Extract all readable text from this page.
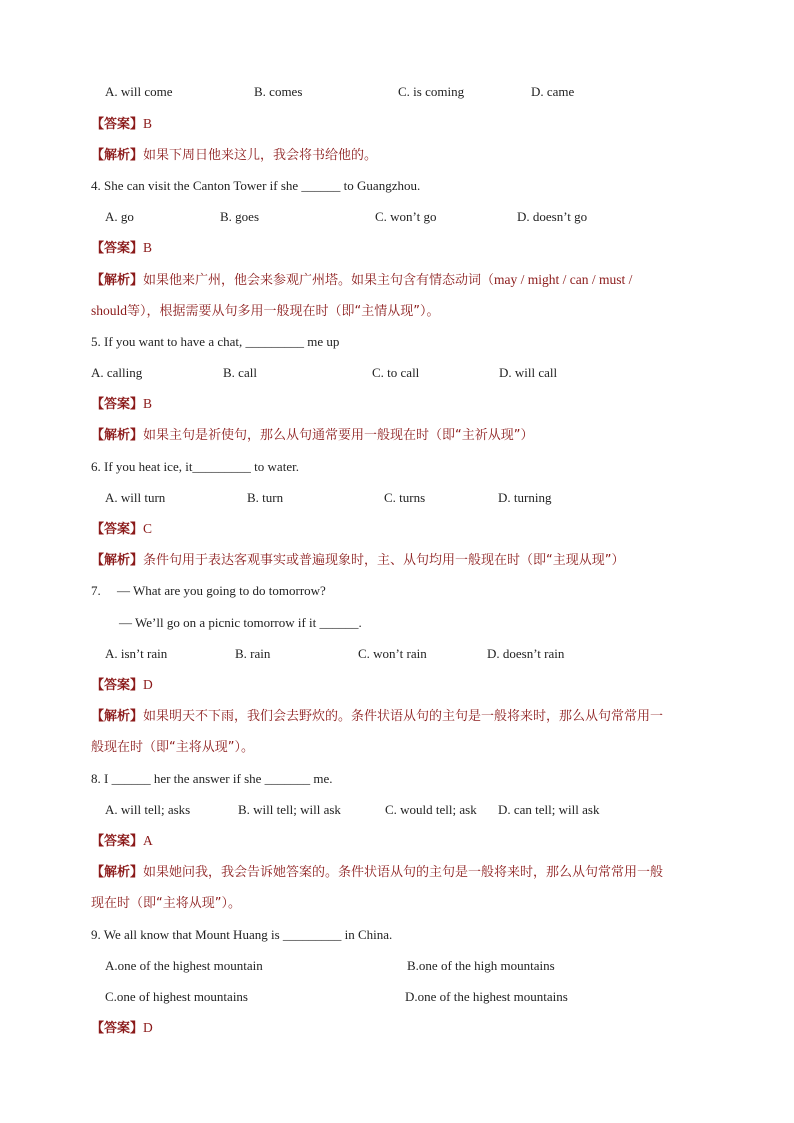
A. will come	B. comes	C. is coming	D. came
【答案】B
【解析】如果下周日他来这儿，我会将书给他的。
4. She can visit the Canton Tower if she ______ to Guangzhou.
A. go	B. goes	C. won’t go	D. doesn’t go
【答案】B
【解析】如果他来广州，他会来参观广州塔。如果主句含有情态动词（may / might / can / must /
should等），根据需要从句多用一般现在时（即“主情从现”）。
5. If you want to have a chat, _________ me up
A. calling	B. call	C. to call	D. will call
【答案】B
【解析】如果主句是祈使句，那么从句通常要用一般现在时（即“主祈从现”）
6. If you heat ice, it_________ to water.
A. will turn	B. turn	C. turns	D. turning
【答案】C
【解析】条件句用于表达客观事实或普遍现象时，主、从句均用一般现在时（即“主现从现”）
7. — What are you going to do tomorrow?
— We’ll go on a picnic tomorrow if it ______.
A. isn’t rain	B. rain	C. won’t rain	D. doesn’t rain
【答案】D
【解析】如果明天不下雨，我们会去野炊的。条件状语从句的主句是一般将来时，那么从句常常用一
般现在时（即“主将从现”）。
8. I ______ her the answer if she _______ me.
A. will tell; asks	B. will tell; will ask	C. would tell; ask D. can tell; will ask
【答案】A
【解析】如果她问我，我会告诉她答案的。条件状语从句的主句是一般将来时，那么从句常常用一般
现在时（即“主将从现”）。
9. We all know that Mount Huang is _________ in China.
A.one of the highest mountain	B.one of the high mountains
C.one of highest mountains	D.one of the highest mountains
【答案】D
